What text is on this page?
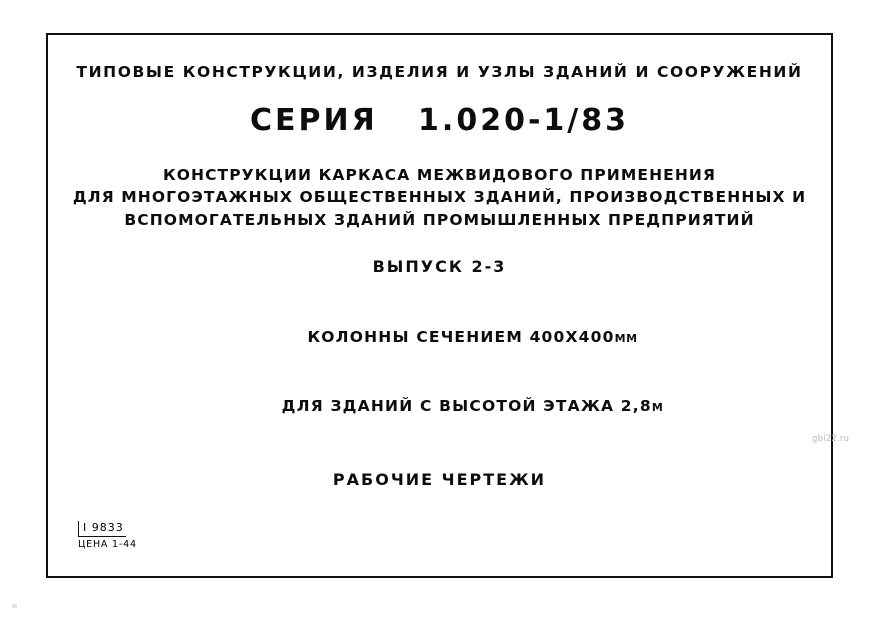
ТИПОВЫЕ КОНСТРУКЦИИ, ИЗДЕЛИЯ И УЗЛЫ ЗДАНИЙ И СООРУЖЕНИЙ
СЕРИЯ   1.020-1/83
КОНСТРУКЦИИ КАРКАСА МЕЖВИДОВОГО ПРИМЕНЕНИЯ
ДЛЯ МНОГОЭТАЖНЫХ ОБЩЕСТВЕННЫХ ЗДАНИЙ, ПРОИЗВОДСТВЕННЫХ И
ВСПОМОГАТЕЛЬНЫХ ЗДАНИЙ ПРОМЫШЛЕННЫХ ПРЕДПРИЯТИЙ
ВЫПУСК 2-3

КОЛОННЫ СЕЧЕНИЕМ 400Х400ММ

ДЛЯ ЗДАНИЙ С ВЫСОТОЙ ЭТАЖА 2,8М

РАБОЧИЕ ЧЕРТЕЖИ
I 9833
ЦЕНА 1-44
gbi22.ru
